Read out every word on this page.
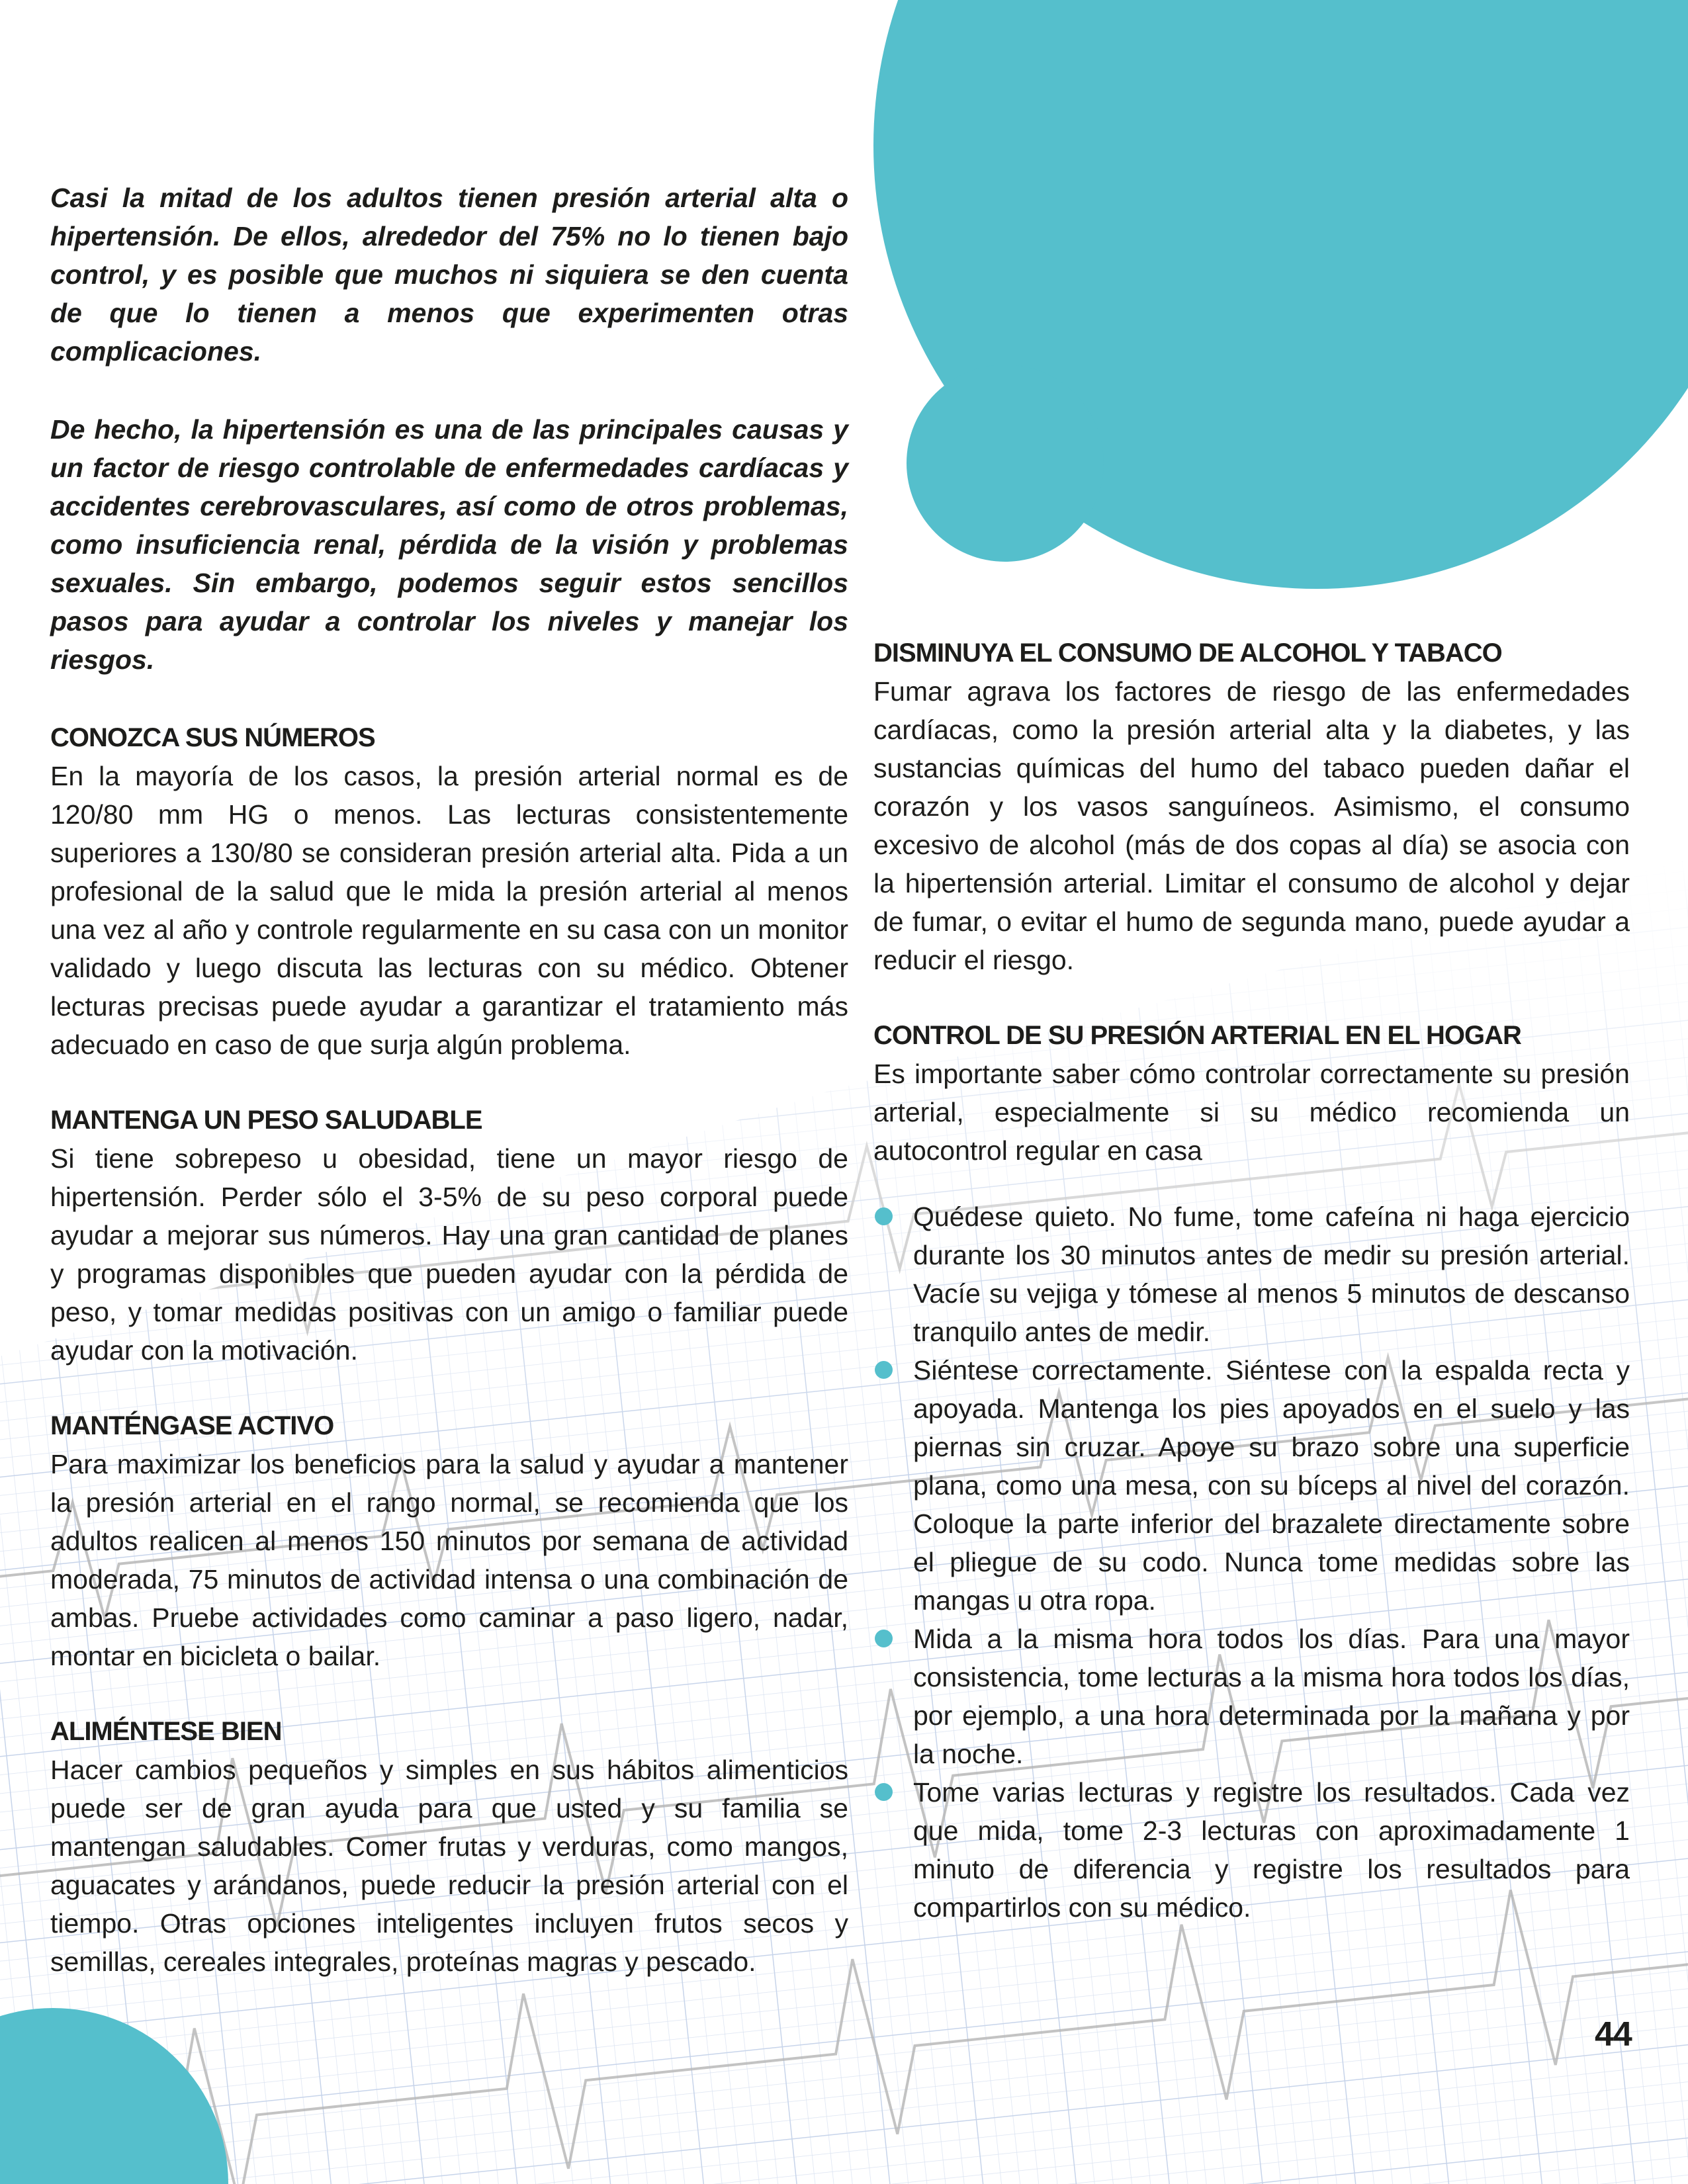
Casi la mitad de los adultos tienen presión arterial alta o hipertensión. De ellos, alrededor del 75% no lo tienen bajo control, y es posible que muchos ni siquiera se den cuenta de que lo tienen a menos que experimenten otras complicaciones.

De hecho, la hipertensión es una de las principales causas y un factor de riesgo controlable de enfermedades cardíacas y accidentes cerebrovasculares, así como de otros problemas, como insuficiencia renal, pérdida de la visión y problemas sexuales. Sin embargo, podemos seguir estos sencillos pasos para ayudar a controlar los niveles y manejar los riesgos.

CONOZCA SUS NÚMEROS

En la mayoría de los casos, la presión arterial normal es de 120/80 mm HG o menos. Las lecturas consistentemente superiores a 130/80 se consideran presión arterial alta. Pida a un profesional de la salud que le mida la presión arterial al menos una vez al año y controle regularmente en su casa con un monitor validado y luego discuta las lecturas con su médico. Obtener lecturas precisas puede ayudar a garantizar el tratamiento más adecuado en caso de que surja algún problema.

MANTENGA UN PESO SALUDABLE

Si tiene sobrepeso u obesidad, tiene un mayor riesgo de hipertensión. Perder sólo el 3-5% de su peso corporal puede ayudar a mejorar sus números. Hay una gran cantidad de planes y programas disponibles que pueden ayudar con la pérdida de peso, y tomar medidas positivas con un amigo o familiar puede ayudar con la motivación.

MANTÉNGASE ACTIVO

Para maximizar los beneficios para la salud y ayudar a mantener la presión arterial en el rango normal, se recomienda que los adultos realicen al menos 150 minutos por semana de actividad moderada, 75 minutos de actividad intensa o una combinación de ambas. Pruebe actividades como caminar a paso ligero, nadar, montar en bicicleta o bailar.

ALIMÉNTESE BIEN

Hacer cambios pequeños y simples en sus hábitos alimenticios puede ser de gran ayuda para que usted y su familia se mantengan saludables. Comer frutas y verduras, como mangos, aguacates y arándanos, puede reducir la presión arterial con el tiempo. Otras opciones inteligentes incluyen frutos secos y semillas, cereales integrales, proteínas magras y pescado.

DISMINUYA EL CONSUMO DE ALCOHOL Y TABACO

Fumar agrava los factores de riesgo de las enfermedades cardíacas, como la presión arterial alta y la diabetes, y las sustancias químicas del humo del tabaco pueden dañar el corazón y los vasos sanguíneos. Asimismo, el consumo excesivo de alcohol (más de dos copas al día) se asocia con la hipertensión arterial. Limitar el consumo de alcohol y dejar de fumar, o evitar el humo de segunda mano, puede ayudar a reducir el riesgo.

CONTROL DE SU PRESIÓN ARTERIAL EN EL HOGAR

Es importante saber cómo controlar correctamente su presión arterial, especialmente si su médico recomienda un autocontrol regular en casa

Quédese quieto. No fume, tome cafeína ni haga ejercicio durante los 30 minutos antes de medir su presión arterial. Vacíe su vejiga y tómese al menos 5 minutos de descanso tranquilo antes de medir.
Siéntese correctamente. Siéntese con la espalda recta y apoyada. Mantenga los pies apoyados en el suelo y las piernas sin cruzar. Apoye su brazo sobre una superficie plana, como una mesa, con su bíceps al nivel del corazón. Coloque la parte inferior del brazalete directamente sobre el pliegue de su codo. Nunca tome medidas sobre las mangas u otra ropa.
Mida a la misma hora todos los días. Para una mayor consistencia, tome lecturas a la misma hora todos los días, por ejemplo, a una hora determinada por la mañana y por la noche.
Tome varias lecturas y registre los resultados. Cada vez que mida, tome 2-3 lecturas con aproximadamente 1 minuto de diferencia y registre los resultados para compartirlos con su médico.
44
